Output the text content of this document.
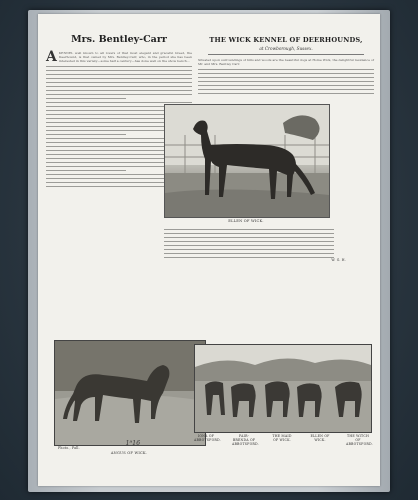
Mrs. Bentley-Carr
A KENNEL well known to all lovers of that most elegant and graceful breed, the Deerhound, is that owned by Mrs. Bentley-Carr, who, in the period she has been interested in this variety—some half a century—has done well on the show bench...

THE WICK KENNEL OF DEERHOUNDS,
at Crowborough, Sussex.

Situated upon surroundings of hills and woods are the beautiful dogs at Home Wick, the delightful residence of Mr. and Mrs. Bentley Carr.

ELLEN OF WICK.
W. G. H.
Photo., Fall.
1⁹16
ANGUS OF WICK.
IONA OF ABBOTSFORD.
FAIR-BRENDA OF ABBOTSFORD.
THE MAID OF WICK.
ELLEN OF WICK.
THE WITCH OF ABBOTSFORD.
